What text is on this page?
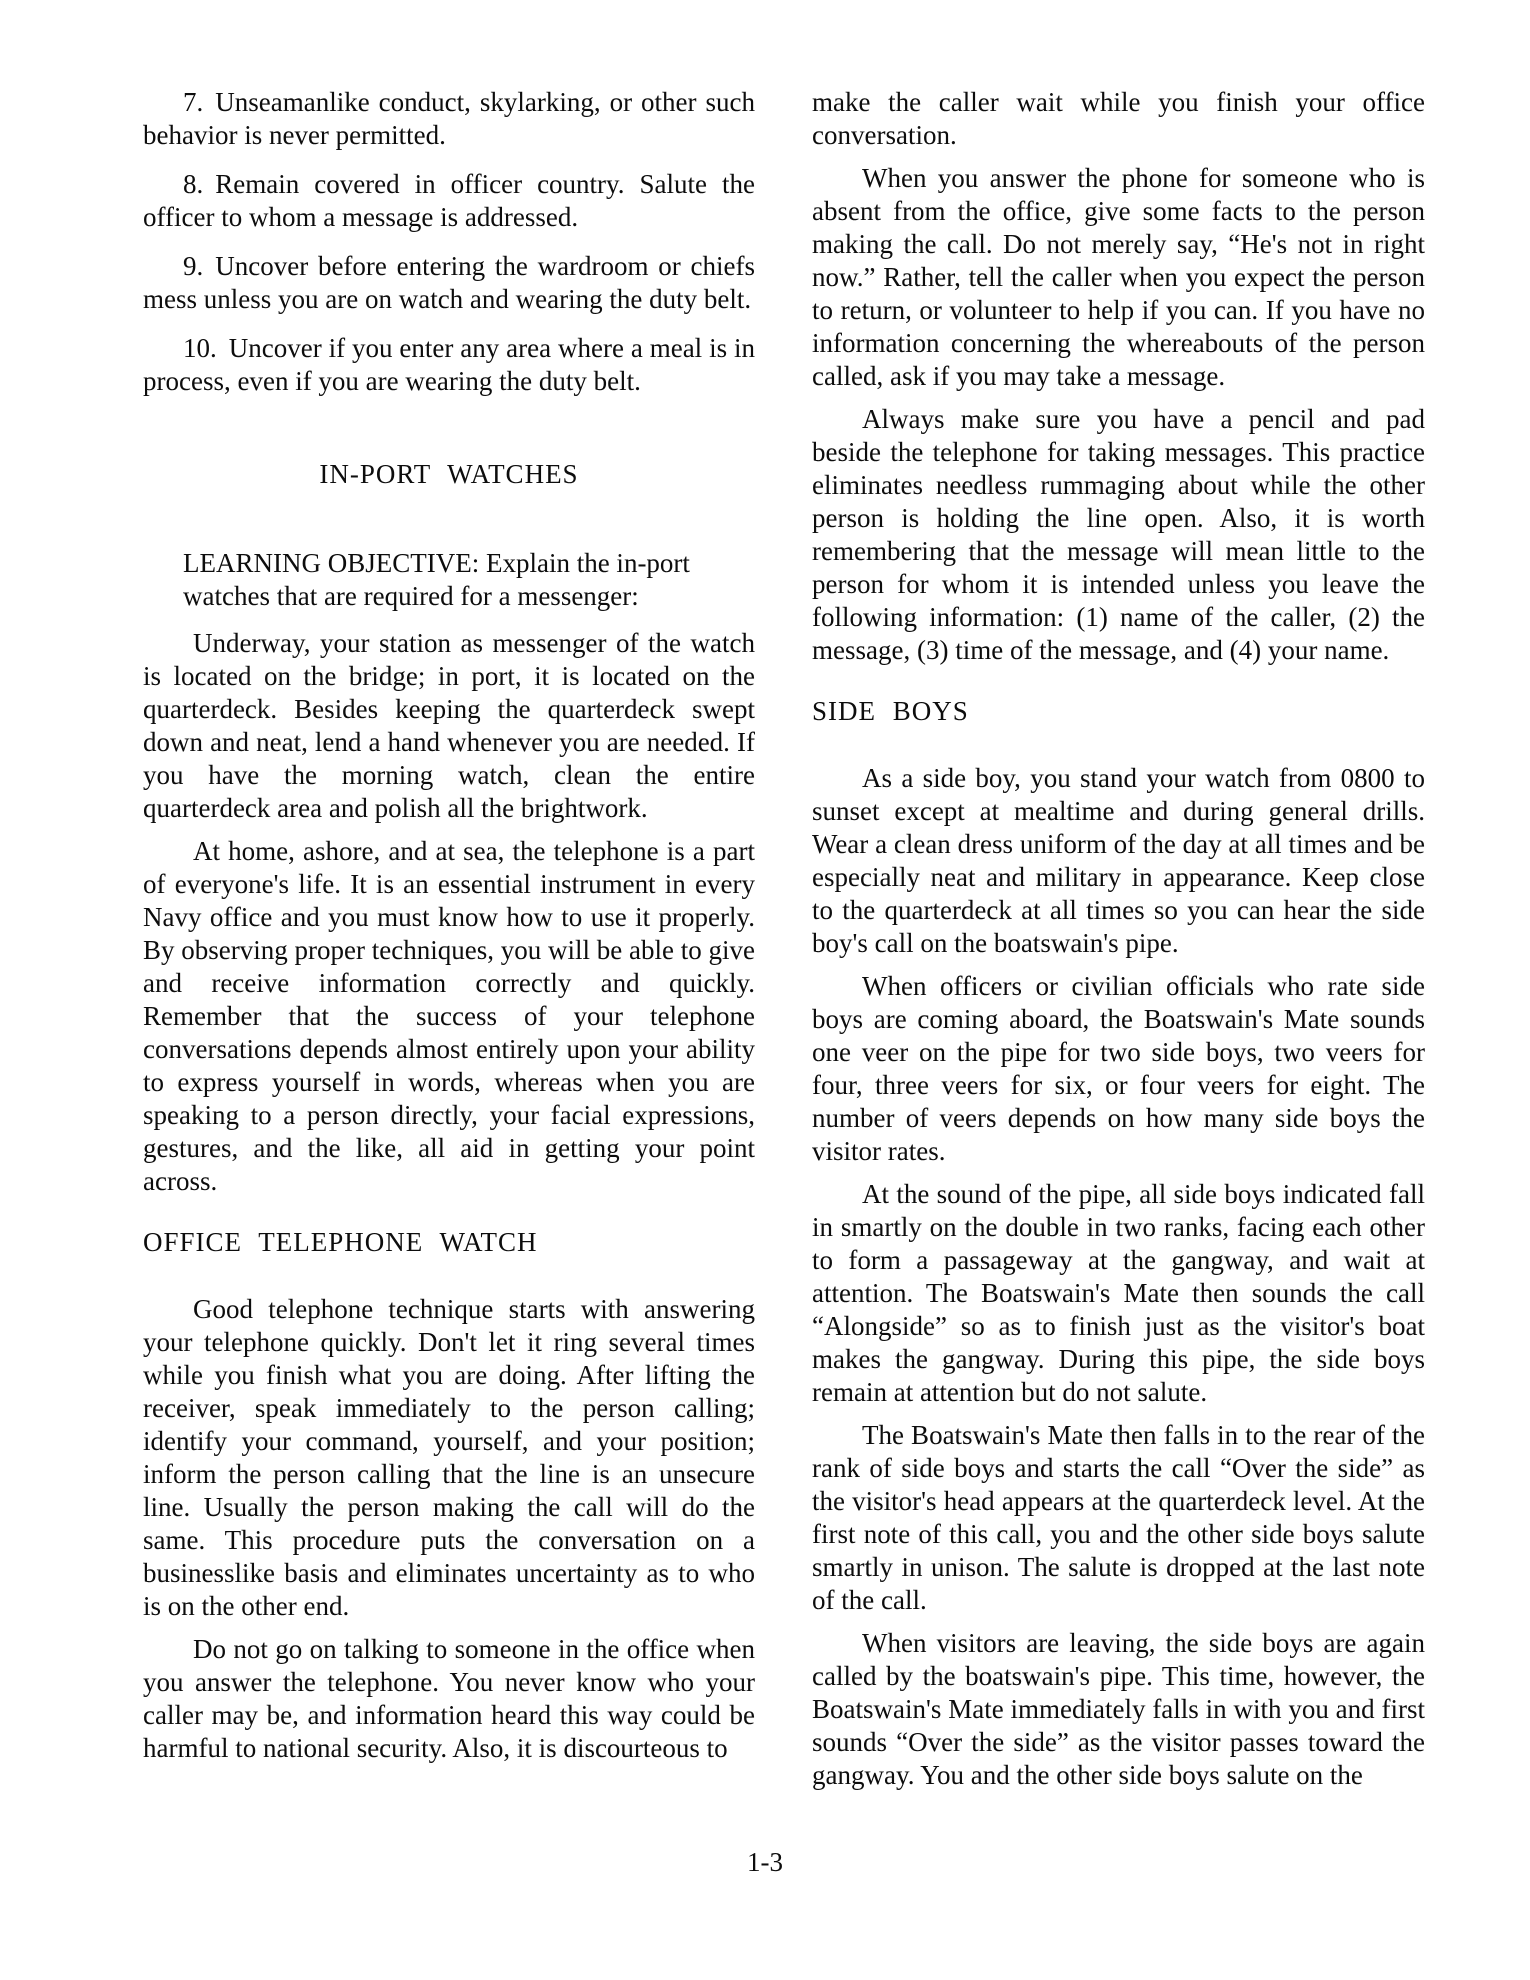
7. Unseamanlike conduct, skylarking, or other such behavior is never permitted.

8. Remain covered in officer country. Salute the officer to whom a message is addressed.

9. Uncover before entering the wardroom or chiefs mess unless you are on watch and wearing the duty belt.

10. Uncover if you enter any area where a meal is in process, even if you are wearing the duty belt.

IN-PORT WATCHES

LEARNING OBJECTIVE: Explain the in-port watches that are required for a messenger:

Underway, your station as messenger of the watch is located on the bridge; in port, it is located on the quarterdeck. Besides keeping the quarterdeck swept down and neat, lend a hand whenever you are needed. If you have the morning watch, clean the entire quarterdeck area and polish all the brightwork.

At home, ashore, and at sea, the telephone is a part of everyone's life. It is an essential instrument in every Navy office and you must know how to use it properly. By observing proper techniques, you will be able to give and receive information correctly and quickly. Remember that the success of your telephone conversations depends almost entirely upon your ability to express yourself in words, whereas when you are speaking to a person directly, your facial expressions, gestures, and the like, all aid in getting your point across.

OFFICE TELEPHONE WATCH

Good telephone technique starts with answering your telephone quickly. Don't let it ring several times while you finish what you are doing. After lifting the receiver, speak immediately to the person calling; identify your command, yourself, and your position; inform the person calling that the line is an unsecure line. Usually the person making the call will do the same. This procedure puts the conversation on a businesslike basis and eliminates uncertainty as to who is on the other end.

Do not go on talking to someone in the office when you answer the telephone. You never know who your caller may be, and information heard this way could be harmful to national security. Also, it is discourteous to

make the caller wait while you finish your office conversation.

When you answer the phone for someone who is absent from the office, give some facts to the person making the call. Do not merely say, “He's not in right now.” Rather, tell the caller when you expect the person to return, or volunteer to help if you can. If you have no information concerning the whereabouts of the person called, ask if you may take a message.

Always make sure you have a pencil and pad beside the telephone for taking messages. This practice eliminates needless rummaging about while the other person is holding the line open. Also, it is worth remembering that the message will mean little to the person for whom it is intended unless you leave the following information: (1) name of the caller, (2) the message, (3) time of the message, and (4) your name.

SIDE BOYS

As a side boy, you stand your watch from 0800 to sunset except at mealtime and during general drills. Wear a clean dress uniform of the day at all times and be especially neat and military in appearance. Keep close to the quarterdeck at all times so you can hear the side boy's call on the boatswain's pipe.

When officers or civilian officials who rate side boys are coming aboard, the Boatswain's Mate sounds one veer on the pipe for two side boys, two veers for four, three veers for six, or four veers for eight. The number of veers depends on how many side boys the visitor rates.

At the sound of the pipe, all side boys indicated fall in smartly on the double in two ranks, facing each other to form a passageway at the gangway, and wait at attention. The Boatswain's Mate then sounds the call “Alongside” so as to finish just as the visitor's boat makes the gangway. During this pipe, the side boys remain at attention but do not salute.

The Boatswain's Mate then falls in to the rear of the rank of side boys and starts the call “Over the side” as the visitor's head appears at the quarterdeck level. At the first note of this call, you and the other side boys salute smartly in unison. The salute is dropped at the last note of the call.

When visitors are leaving, the side boys are again called by the boatswain's pipe. This time, however, the Boatswain's Mate immediately falls in with you and first sounds “Over the side” as the visitor passes toward the gangway. You and the other side boys salute on the

1-3
